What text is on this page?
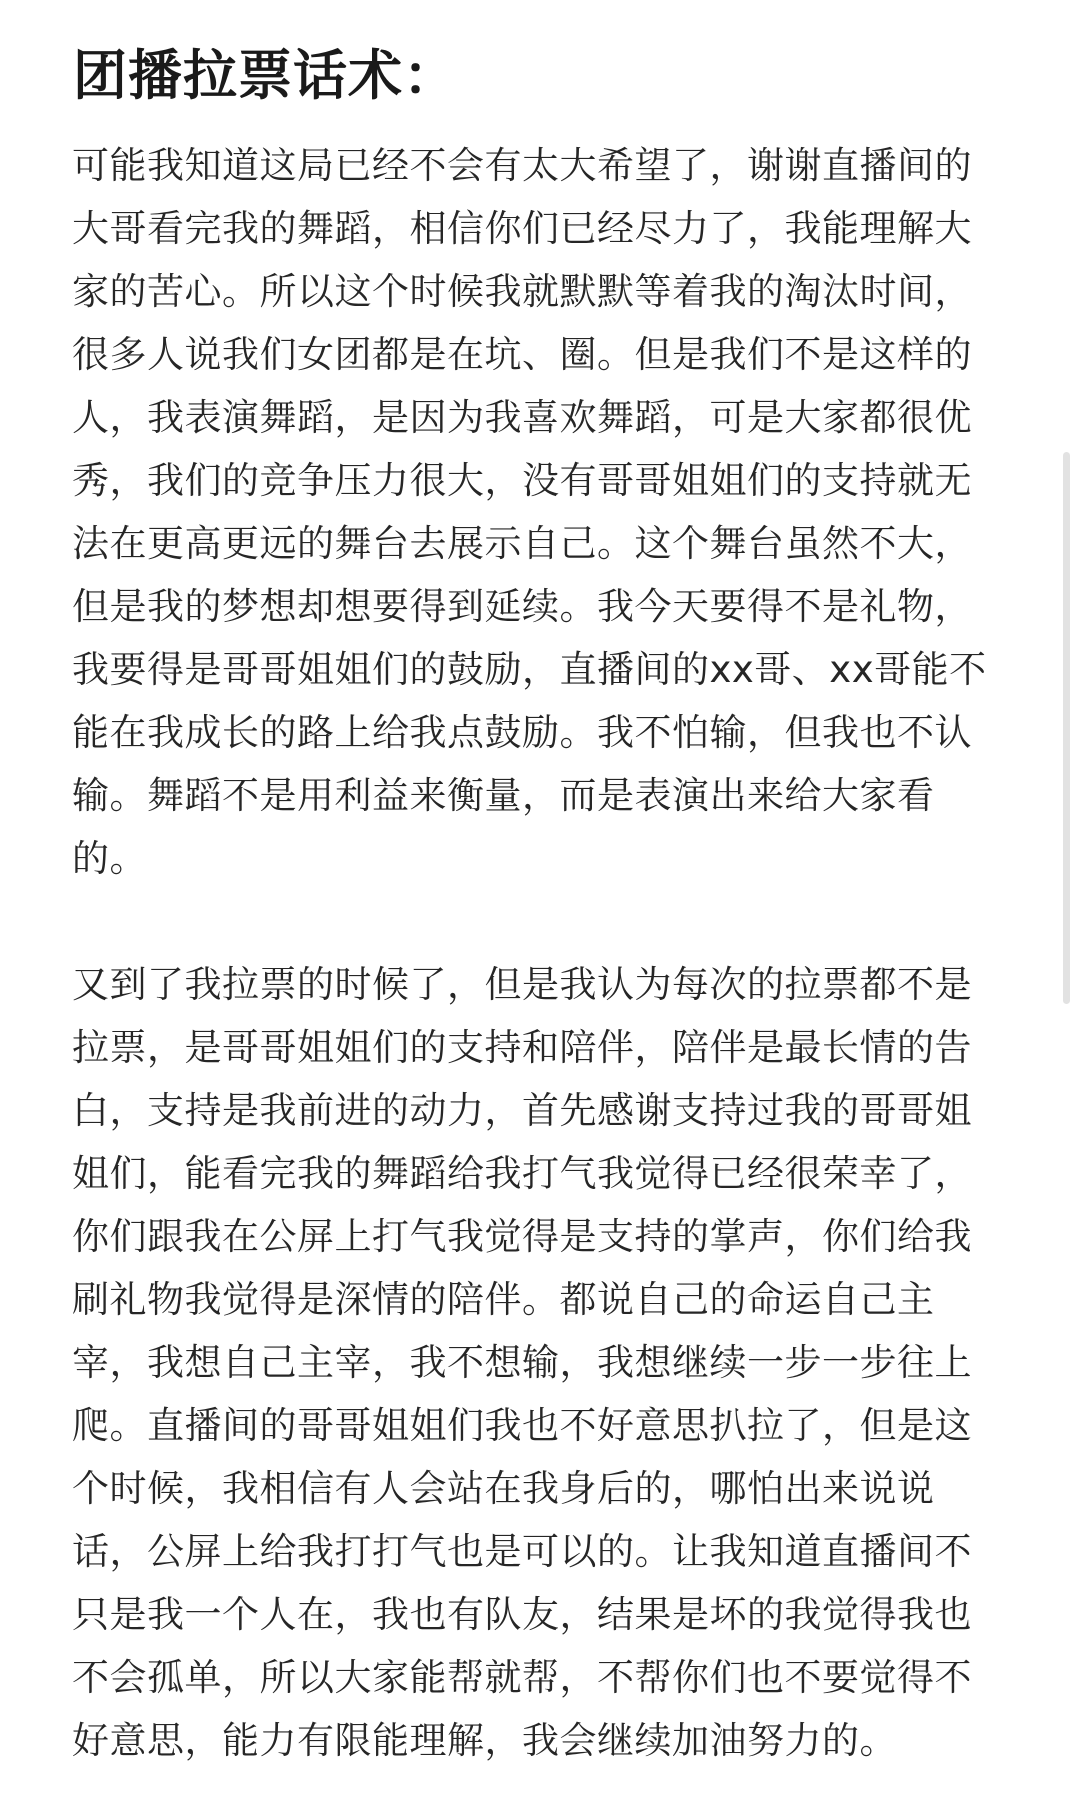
团播拉票话术：
可能我知道这局已经不会有太大希望了，谢谢直播间的
大哥看完我的舞蹈，相信你们已经尽力了，我能理解大
家的苦心。所以这个时候我就默默等着我的淘汰时间，
很多人说我们女团都是在坑、圈。但是我们不是这样的
人，我表演舞蹈，是因为我喜欢舞蹈，可是大家都很优
秀，我们的竞争压力很大，没有哥哥姐姐们的支持就无
法在更高更远的舞台去展示自己。这个舞台虽然不大，
但是我的梦想却想要得到延续。我今天要得不是礼物，
我要得是哥哥姐姐们的鼓励，直播间的xx哥、xx哥能不
能在我成长的路上给我点鼓励。我不怕输，但我也不认
输。舞蹈不是用利益来衡量，而是表演出来给大家看
的。
又到了我拉票的时候了，但是我认为每次的拉票都不是
拉票，是哥哥姐姐们的支持和陪伴，陪伴是最长情的告
白，支持是我前进的动力，首先感谢支持过我的哥哥姐
姐们，能看完我的舞蹈给我打气我觉得已经很荣幸了，
你们跟我在公屏上打气我觉得是支持的掌声，你们给我
刷礼物我觉得是深情的陪伴。都说自己的命运自己主
宰，我想自己主宰，我不想输，我想继续一步一步往上
爬。直播间的哥哥姐姐们我也不好意思扒拉了，但是这
个时候，我相信有人会站在我身后的，哪怕出来说说
话，公屏上给我打打气也是可以的。让我知道直播间不
只是我一个人在，我也有队友，结果是坏的我觉得我也
不会孤单，所以大家能帮就帮，不帮你们也不要觉得不
好意思，能力有限能理解，我会继续加油努力的。
